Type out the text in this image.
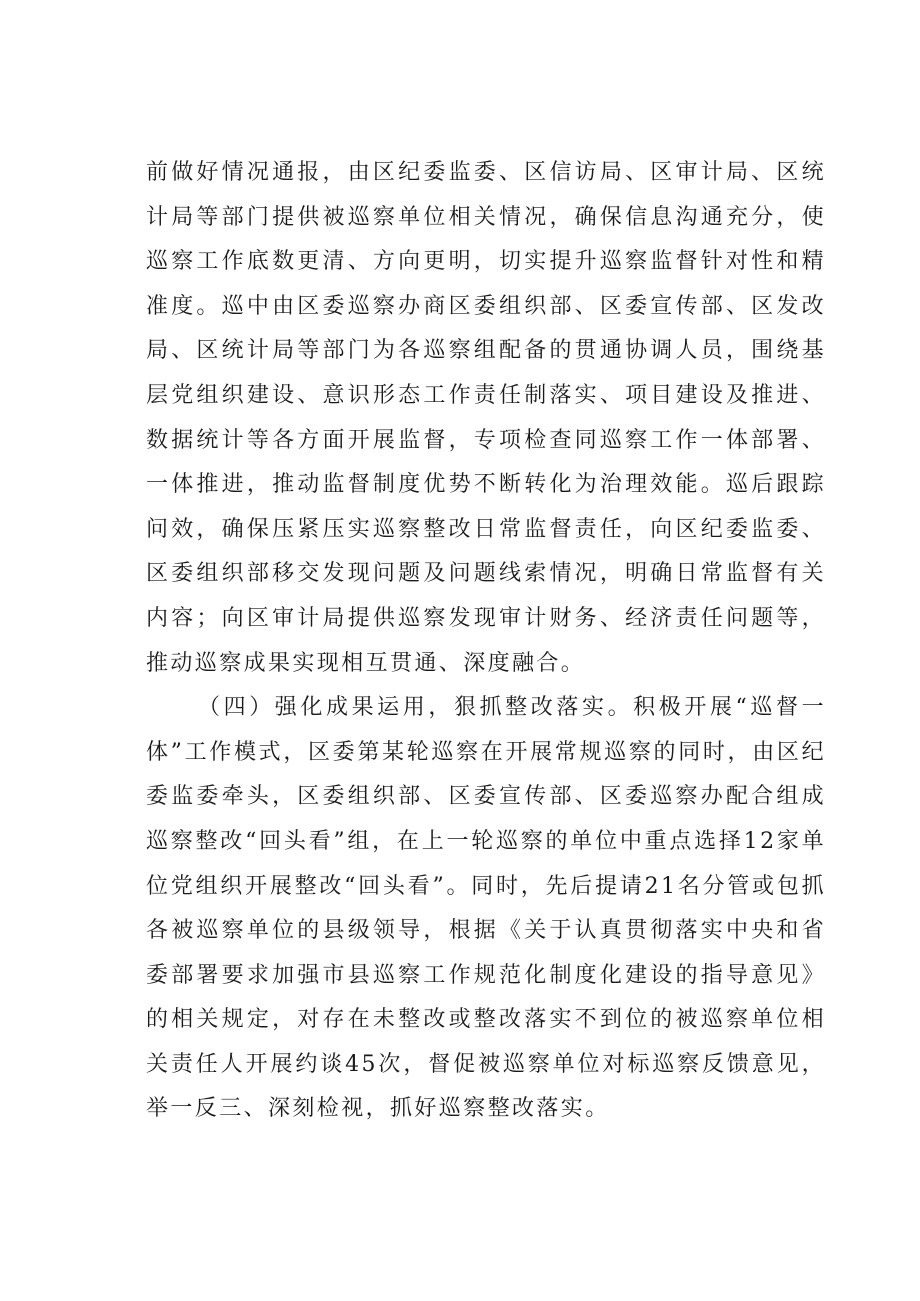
前做好情况通报，由区纪委监委、区信访局、区审计局、区统计局等部门提供被巡察单位相关情况，确保信息沟通充分，使巡察工作底数更清、方向更明，切实提升巡察监督针对性和精准度。巡中由区委巡察办商区委组织部、区委宣传部、区发改局、区统计局等部门为各巡察组配备的贯通协调人员，围绕基层党组织建设、意识形态工作责任制落实、项目建设及推进、数据统计等各方面开展监督，专项检查同巡察工作一体部署、一体推进，推动监督制度优势不断转化为治理效能。巡后跟踪问效，确保压紧压实巡察整改日常监督责任，向区纪委监委、区委组织部移交发现问题及问题线索情况，明确日常监督有关内容；向区审计局提供巡察发现审计财务、经济责任问题等，推动巡察成果实现相互贯通、深度融合。

（四）强化成果运用，狠抓整改落实。积极开展“巡督一体”工作模式，区委第某轮巡察在开展常规巡察的同时，由区纪委监委牵头，区委组织部、区委宣传部、区委巡察办配合组成巡察整改“回头看”组，在上一轮巡察的单位中重点选择12家单位党组织开展整改“回头看”。同时，先后提请21名分管或包抓各被巡察单位的县级领导，根据《关于认真贯彻落实中央和省委部署要求加强市县巡察工作规范化制度化建设的指导意见》的相关规定，对存在未整改或整改落实不到位的被巡察单位相关责任人开展约谈45次，督促被巡察单位对标巡察反馈意见，举一反三、深刻检视，抓好巡察整改落实。
